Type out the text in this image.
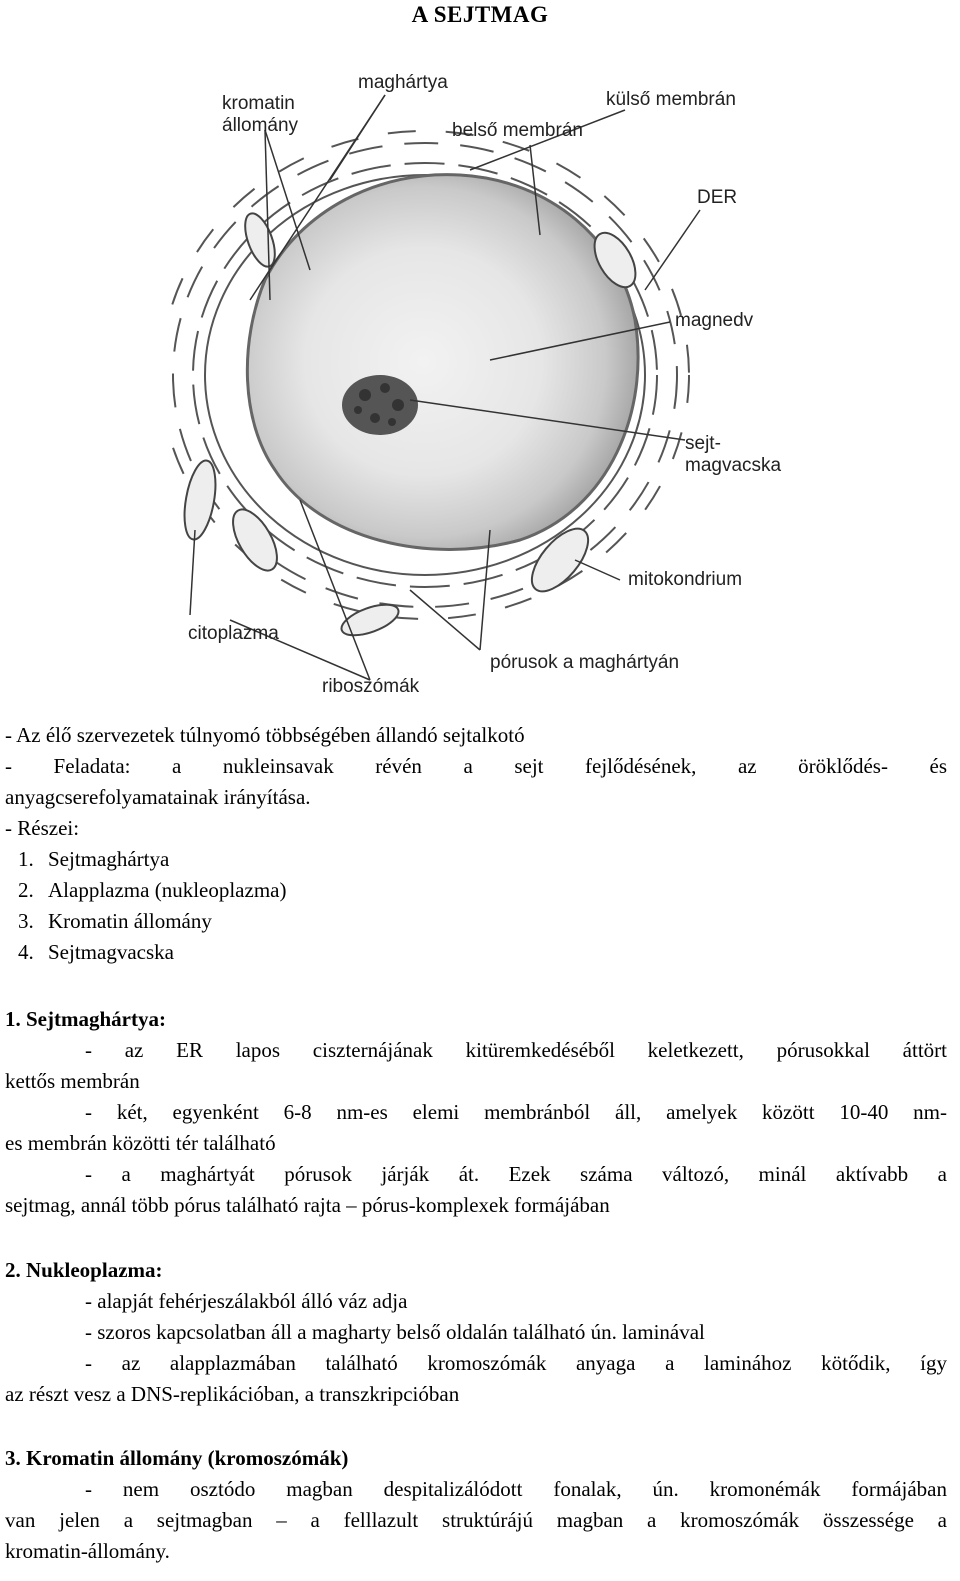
A SEJTMAG
kromatin
állomány
maghártya
külső membrán
belső membrán
DER
magnedv
sejt-
magvacska
mitokondrium
citoplazma
pórusok a maghártyán
riboszómák
- Az élő szervezetek túlnyomó többségében állandó sejtalkotó
- Feladata: a nukleinsavak révén a sejt fejlődésének, az öröklődés- és
anyagcserefolyamatainak irányítása.
- Részei:
1. Sejtmaghártya
2. Alapplazma (nukleoplazma)
3. Kromatin állomány
4. Sejtmagvacska
1. Sejtmaghártya:
- az ER lapos ciszternájának kitüremkedéséből keletkezett, pórusokkal áttört
kettős membrán
- két, egyenként 6-8 nm-es elemi membránból áll, amelyek között 10-40 nm-
es membrán közötti tér található
- a maghártyát pórusok járják át. Ezek száma változó, minál aktívabb a
sejtmag, annál több pórus található rajta – pórus-komplexek formájában
2. Nukleoplazma:
- alapját fehérjeszálakból álló váz adja
- szoros kapcsolatban áll a magharty belső oldalán található ún. laminával
- az alapplazmában található kromoszómák anyaga a laminához kötődik, így
az részt vesz a DNS-replikációban, a transzkripcióban
3. Kromatin állomány (kromoszómák)
- nem osztódo magban despitalizálódott fonalak, ún. kromonémák formájában
van jelen a sejtmagban – a felllazult struktúrájú magban a kromoszómák összessége a
kromatin-állomány.
